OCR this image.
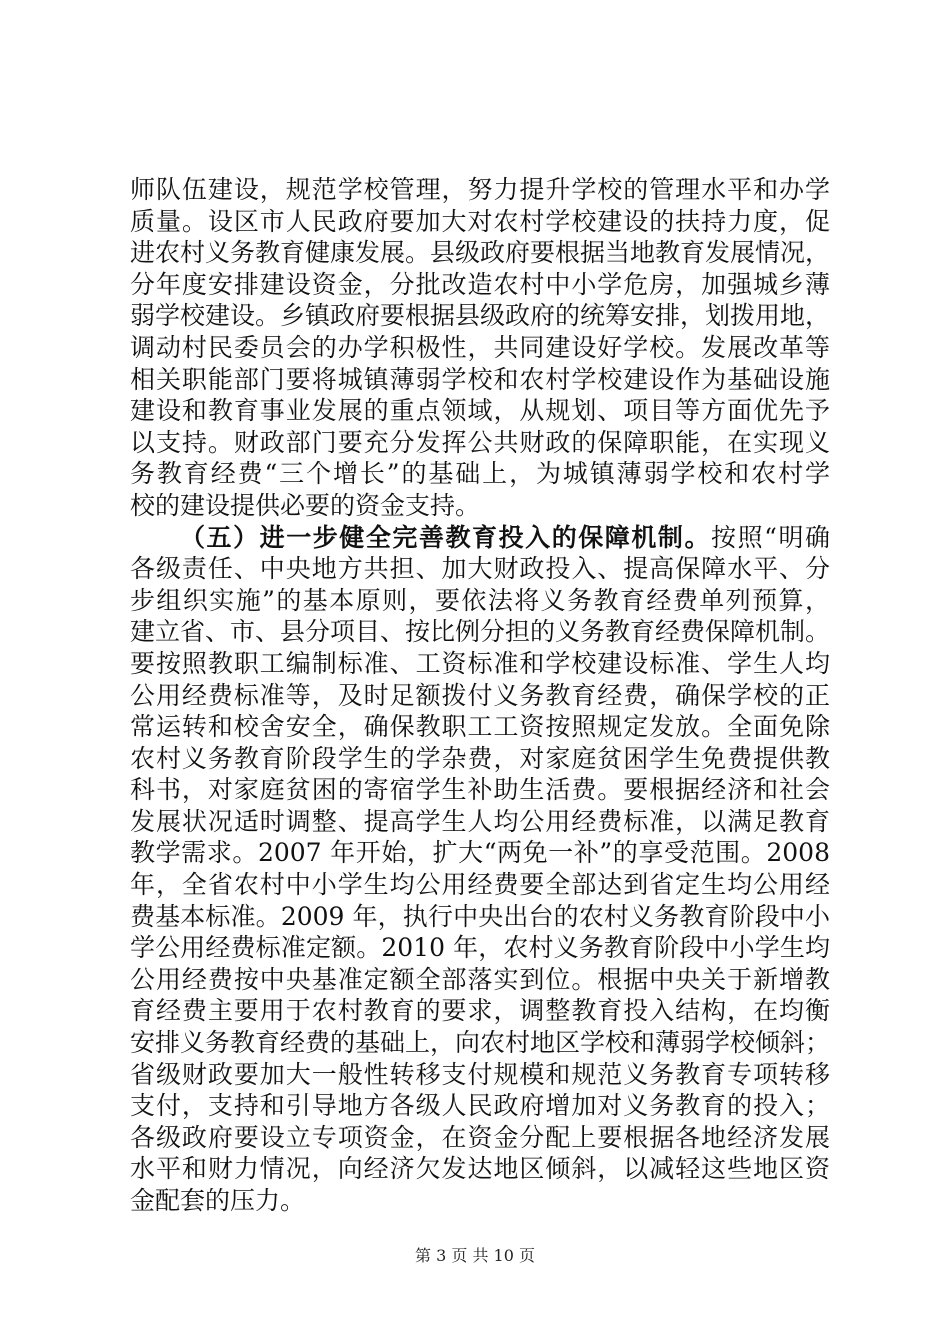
师队伍建设，规范学校管理，努力提升学校的管理水平和办学
质量。设区市人民政府要加大对农村学校建设的扶持力度，促
进农村义务教育健康发展。县级政府要根据当地教育发展情况，
分年度安排建设资金，分批改造农村中小学危房，加强城乡薄
弱学校建设。乡镇政府要根据县级政府的统筹安排，划拨用地，
调动村民委员会的办学积极性，共同建设好学校。发展改革等
相关职能部门要将城镇薄弱学校和农村学校建设作为基础设施
建设和教育事业发展的重点领域，从规划、项目等方面优先予
以支持。财政部门要充分发挥公共财政的保障职能，在实现义
务教育经费“三个增长”的基础上，为城镇薄弱学校和农村学
校的建设提供必要的资金支持。
（五）进一步健全完善教育投入的保障机制。按照“明确
各级责任、中央地方共担、加大财政投入、提高保障水平、分
步组织实施”的基本原则，要依法将义务教育经费单列预算，
建立省、市、县分项目、按比例分担的义务教育经费保障机制。
要按照教职工编制标准、工资标准和学校建设标准、学生人均
公用经费标准等，及时足额拨付义务教育经费，确保学校的正
常运转和校舍安全，确保教职工工资按照规定发放。全面免除
农村义务教育阶段学生的学杂费，对家庭贫困学生免费提供教
科书，对家庭贫困的寄宿学生补助生活费。要根据经济和社会
发展状况适时调整、提高学生人均公用经费标准，以满足教育
教学需求。2007 年开始，扩大“两免一补”的享受范围。2008
年，全省农村中小学生均公用经费要全部达到省定生均公用经
费基本标准。2009 年，执行中央出台的农村义务教育阶段中小
学公用经费标准定额。2010 年，农村义务教育阶段中小学生均
公用经费按中央基准定额全部落实到位。根据中央关于新增教
育经费主要用于农村教育的要求，调整教育投入结构，在均衡
安排义务教育经费的基础上，向农村地区学校和薄弱学校倾斜；
省级财政要加大一般性转移支付规模和规范义务教育专项转移
支付，支持和引导地方各级人民政府增加对义务教育的投入；
各级政府要设立专项资金，在资金分配上要根据各地经济发展
水平和财力情况，向经济欠发达地区倾斜，以减轻这些地区资
金配套的压力。
第 3 页 共 10 页
